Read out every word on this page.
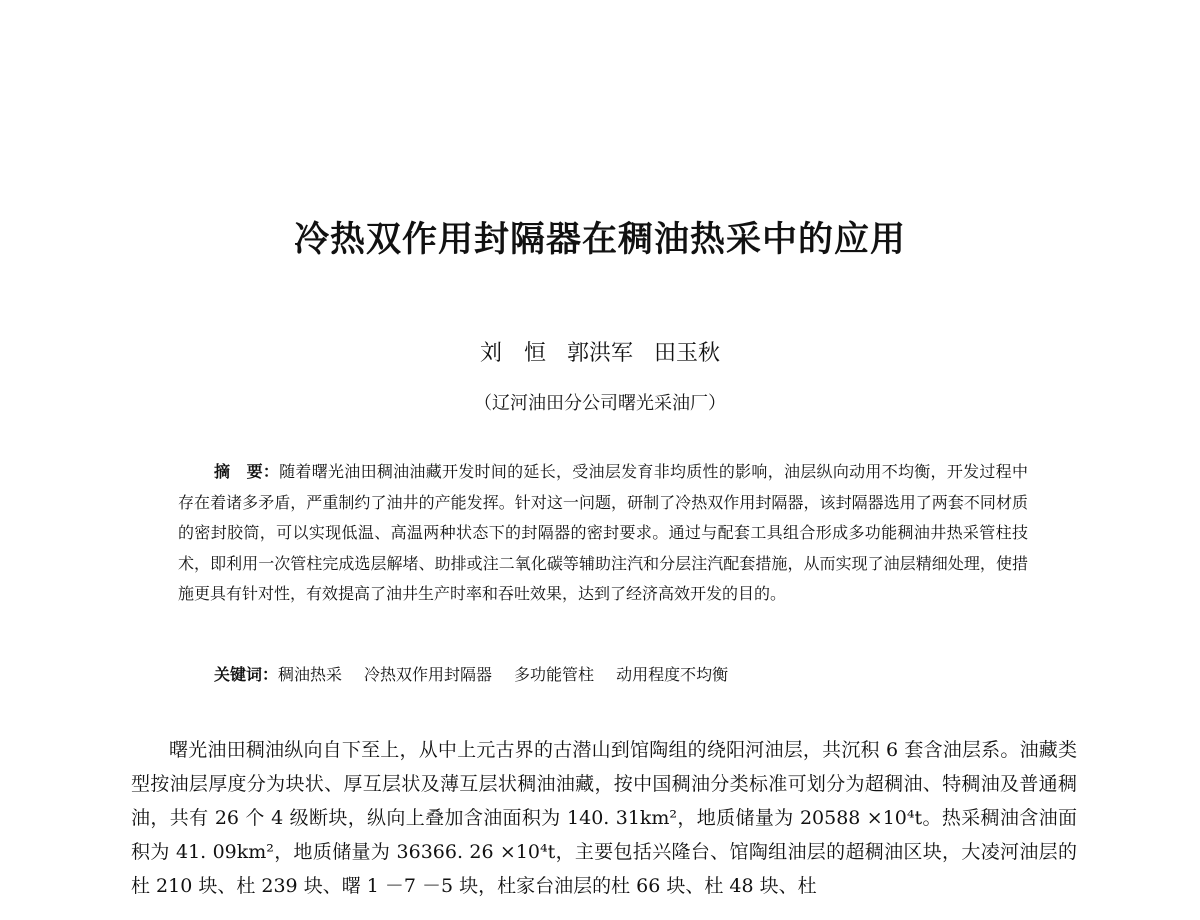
冷热双作用封隔器在稠油热采中的应用
刘　恒 郭洪军 田玉秋
（辽河油田分公司曙光采油厂）

摘　要：随着曙光油田稠油油藏开发时间的延长，受油层发育非均质性的影响，油层纵向动用不均衡，开发过程中存在着诸多矛盾，严重制约了油井的产能发挥。针对这一问题，研制了冷热双作用封隔器，该封隔器选用了两套不同材质的密封胶筒，可以实现低温、高温两种状态下的封隔器的密封要求。通过与配套工具组合形成多功能稠油井热采管柱技术，即利用一次管柱完成选层解堵、助排或注二氧化碳等辅助注汽和分层注汽配套措施，从而实现了油层精细处理，使措施更具有针对性，有效提高了油井生产时率和吞吐效果，达到了经济高效开发的目的。

关键词：稠油热采 冷热双作用封隔器 多功能管柱 动用程度不均衡

曙光油田稠油纵向自下至上，从中上元古界的古潜山到馆陶组的绕阳河油层，共沉积 6 套含油层系。油藏类型按油层厚度分为块状、厚互层状及薄互层状稠油油藏，按中国稠油分类标准可划分为超稠油、特稠油及普通稠油，共有 26 个 4 级断块，纵向上叠加含油面积为 140. 31km²，地质储量为 20588 ×10⁴t。热采稠油含油面积为 41. 09km²，地质储量为 36366. 26 ×10⁴t，主要包括兴隆台、馆陶组油层的超稠油区块，大凌河油层的杜 210 块、杜 239 块、曙 1 －7 －5 块，杜家台油层的杜 66 块、杜 48 块、杜
